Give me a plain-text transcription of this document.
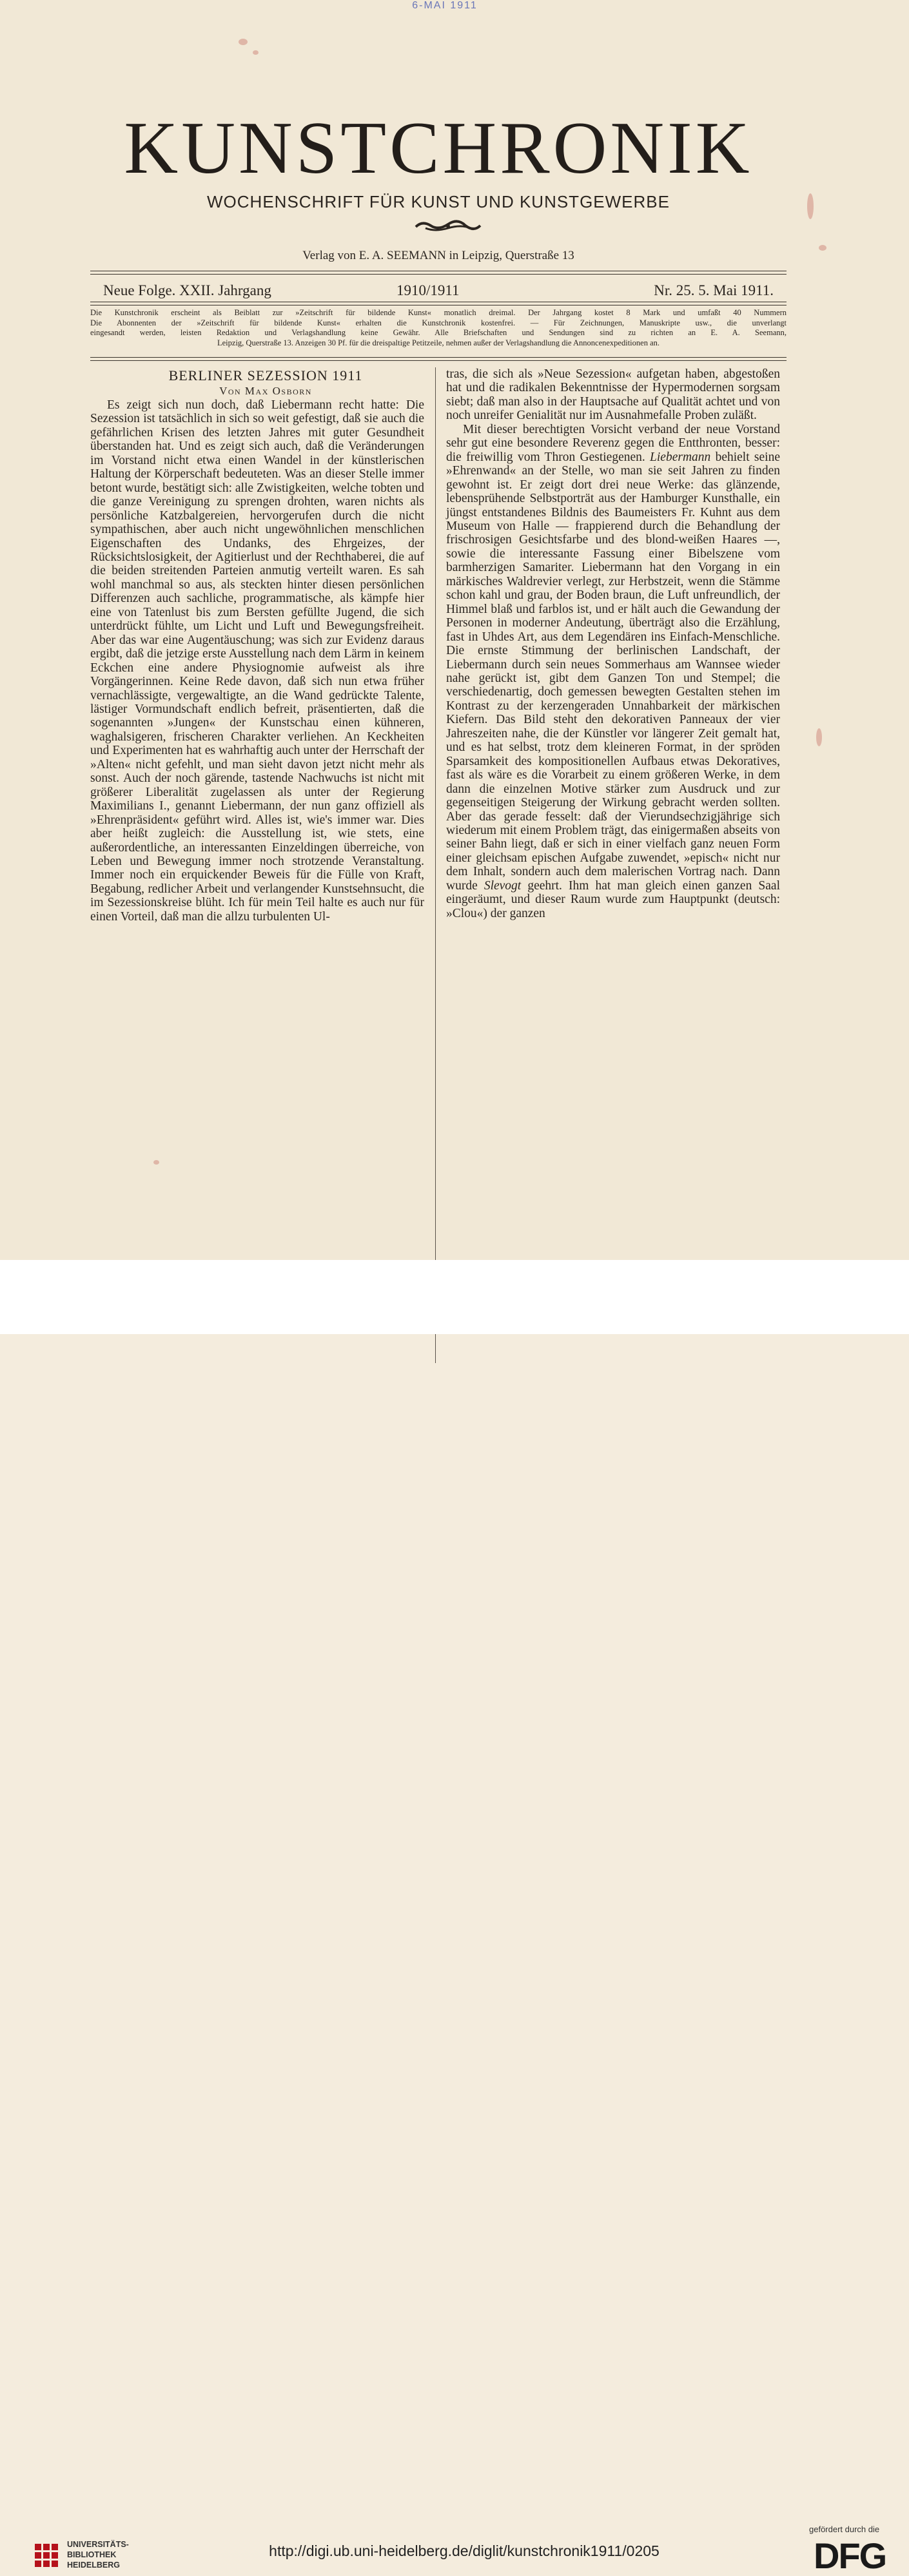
6-MAI 1911
KUNSTCHRONIK
WOCHENSCHRIFT FÜR KUNST UND KUNSTGEWERBE
Verlag von E. A. SEEMANN in Leipzig, Querstraße 13
Neue Folge. XXII. Jahrgang	1910/1911	Nr. 25. 5. Mai 1911.
Die Kunstchronik erscheint als Beiblatt zur »Zeitschrift für bildende Kunst« monatlich dreimal. Der Jahrgang kostet 8 Mark und umfaßt 40 Nummern
Die Abonnenten der »Zeitschrift für bildende Kunst« erhalten die Kunstchronik kostenfrei. — Für Zeichnungen, Manuskripte usw., die unverlangt
eingesandt werden, leisten Redaktion und Verlagshandlung keine Gewähr. Alle Briefschaften und Sendungen sind zu richten an E. A. Seemann,
Leipzig, Querstraße 13. Anzeigen 30 Pf. für die dreispaltige Petitzeile, nehmen außer der Verlagshandlung die Annoncenexpeditionen an.

BERLINER SEZESSION 1911

Von Max Osborn

Es zeigt sich nun doch, daß Liebermann recht hatte: Die Sezession ist tatsächlich in sich so weit gefestigt, daß sie auch die gefährlichen Krisen des letzten Jahres mit guter Gesundheit überstanden hat. Und es zeigt sich auch, daß die Veränderungen im Vorstand nicht etwa einen Wandel in der künstlerischen Haltung der Körperschaft bedeuteten. Was an dieser Stelle immer betont wurde, bestätigt sich: alle Zwistigkeiten, welche tobten und die ganze Vereinigung zu sprengen drohten, waren nichts als persönliche Katzbalgereien, hervorgerufen durch die nicht sympathischen, aber auch nicht ungewöhnlichen menschlichen Eigenschaften des Undanks, des Ehrgeizes, der Rücksichtslosigkeit, der Agitierlust und der Rechthaberei, die auf die beiden streitenden Parteien anmutig verteilt waren. Es sah wohl manchmal so aus, als steckten hinter diesen persönlichen Differenzen auch sachliche, programmatische, als kämpfe hier eine von Tatenlust bis zum Bersten gefüllte Jugend, die sich unterdrückt fühlte, um Licht und Luft und Bewegungsfreiheit. Aber das war eine Augentäuschung; was sich zur Evidenz daraus ergibt, daß die jetzige erste Ausstellung nach dem Lärm in keinem Eckchen eine andere Physiognomie aufweist als ihre Vorgängerinnen. Keine Rede davon, daß sich nun etwa früher vernachlässigte, vergewaltigte, an die Wand gedrückte Talente, lästiger Vormundschaft endlich befreit, präsentierten, daß die sogenannten »Jungen« der Kunstschau einen kühneren, waghalsigeren, frischeren Charakter verliehen. An Keckheiten und Experimenten hat es wahrhaftig auch unter der Herrschaft der »Alten« nicht gefehlt, und man sieht davon jetzt nicht mehr als sonst. Auch der noch gärende, tastende Nachwuchs ist nicht mit größerer Liberalität zugelassen als unter der Regierung Maximilians I., genannt Liebermann, der nun ganz offiziell als »Ehrenpräsident« geführt wird. Alles ist, wie's immer war. Dies aber heißt zugleich: die Ausstellung ist, wie stets, eine außerordentliche, an interessanten Einzeldingen überreiche, von Leben und Bewegung immer noch strotzende Veranstaltung. Immer noch ein erquickender Beweis für die Fülle von Kraft, Begabung, redlicher Arbeit und verlangender Kunstsehnsucht, die im Sezessionskreise blüht. Ich für mein Teil halte es auch nur für einen Vorteil, daß man die allzu turbulenten Ul-

tras, die sich als »Neue Sezession« aufgetan haben, abgestoßen hat und die radikalen Bekenntnisse der Hypermodernen sorgsam siebt; daß man also in der Hauptsache auf Qualität achtet und von noch unreifer Genialität nur im Ausnahmefalle Proben zuläßt.

Mit dieser berechtigten Vorsicht verband der neue Vorstand sehr gut eine besondere Reverenz gegen die Entthronten, besser: die freiwillig vom Thron Gestiegenen. Liebermann behielt seine »Ehrenwand« an der Stelle, wo man sie seit Jahren zu finden gewohnt ist. Er zeigt dort drei neue Werke: das glänzende, lebensprühende Selbstporträt aus der Hamburger Kunsthalle, ein jüngst entstandenes Bildnis des Baumeisters Fr. Kuhnt aus dem Museum von Halle — frappierend durch die Behandlung der frischrosigen Gesichtsfarbe und des blond-weißen Haares —, sowie die interessante Fassung einer Bibelszene vom barmherzigen Samariter. Liebermann hat den Vorgang in ein märkisches Waldrevier verlegt, zur Herbstzeit, wenn die Stämme schon kahl und grau, der Boden braun, die Luft unfreundlich, der Himmel blaß und farblos ist, und er hält auch die Gewandung der Personen in moderner Andeutung, überträgt also die Erzählung, fast in Uhdes Art, aus dem Legendären ins Einfach-Menschliche. Die ernste Stimmung der berlinischen Landschaft, der Liebermann durch sein neues Sommerhaus am Wannsee wieder nahe gerückt ist, gibt dem Ganzen Ton und Stempel; die verschiedenartig, doch gemessen bewegten Gestalten stehen im Kontrast zu der kerzengeraden Unnahbarkeit der märkischen Kiefern. Das Bild steht den dekorativen Panneaux der vier Jahreszeiten nahe, die der Künstler vor längerer Zeit gemalt hat, und es hat selbst, trotz dem kleineren Format, in der spröden Sparsamkeit des kompositionellen Aufbaus etwas Dekoratives, fast als wäre es die Vorarbeit zu einem größeren Werke, in dem dann die einzelnen Motive stärker zum Ausdruck und zur gegenseitigen Steigerung der Wirkung gebracht werden sollten. Aber das gerade fesselt: daß der Vierundsechzigjährige sich wiederum mit einem Problem trägt, das einigermaßen abseits von seiner Bahn liegt, daß er sich in einer vielfach ganz neuen Form einer gleichsam epischen Aufgabe zuwendet, »episch« nicht nur dem Inhalt, sondern auch dem malerischen Vortrag nach. Dann wurde Slevogt geehrt. Ihm hat man gleich einen ganzen Saal eingeräumt, und dieser Raum wurde zum Hauptpunkt (deutsch: »Clou«) der ganzen

UNIVERSITÄTS-
BIBLIOTHEK
HEIDELBERG
http://digi.ub.uni-heidelberg.de/diglit/kunstchronik1911/0205
gefördert durch die
DFG
